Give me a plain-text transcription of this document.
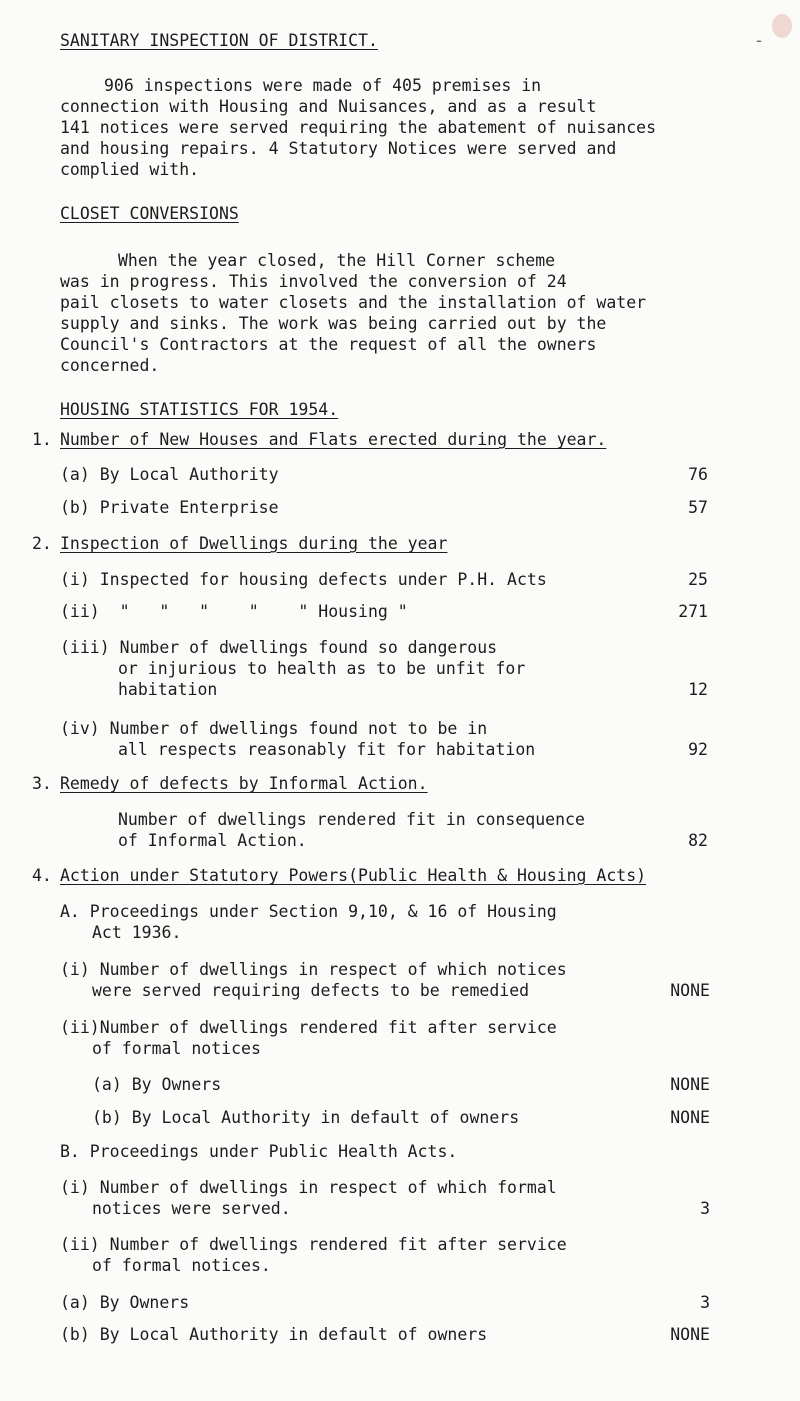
SANITARY INSPECTION OF DISTRICT.	-
906 inspections were made of 405 premises in
connection with Housing and Nuisances, and as a result
141 notices were served requiring the abatement of nuisances
and housing repairs. 4 Statutory Notices were served and
complied with.
CLOSET CONVERSIONS
When the year closed, the Hill Corner scheme
was in progress. This involved the conversion of 24
pail closets to water closets and the installation of water
supply and sinks. The work was being carried out by the
Council's Contractors at the request of all the owners
concerned.
HOUSING STATISTICS FOR 1954.
1. Number of New Houses and Flats erected during the year.
(a) By Local Authority	76
(b) Private Enterprise	57
2. Inspection of Dwellings during the year
(i) Inspected for housing defects under P.H. Acts	25
(ii)  "   "   "    "    " Housing "	271
(iii) Number of dwellings found so dangerous
or injurious to health as to be unfit for
habitation	12
(iv) Number of dwellings found not to be in
all respects reasonably fit for habitation	92
3. Remedy of defects by Informal Action.
Number of dwellings rendered fit in consequence
of Informal Action.	82
4. Action under Statutory Powers(Public Health & Housing Acts)
A. Proceedings under Section 9,10, & 16 of Housing
Act 1936.
(i) Number of dwellings in respect of which notices
were served requiring defects to be remedied	NONE
(ii)Number of dwellings rendered fit after service
of formal notices
(a) By Owners	NONE
(b) By Local Authority in default of owners	NONE
B. Proceedings under Public Health Acts.
(i) Number of dwellings in respect of which formal
notices were served.	3
(ii) Number of dwellings rendered fit after service
of formal notices.
(a) By Owners	3
(b) By Local Authority in default of owners	NONE
